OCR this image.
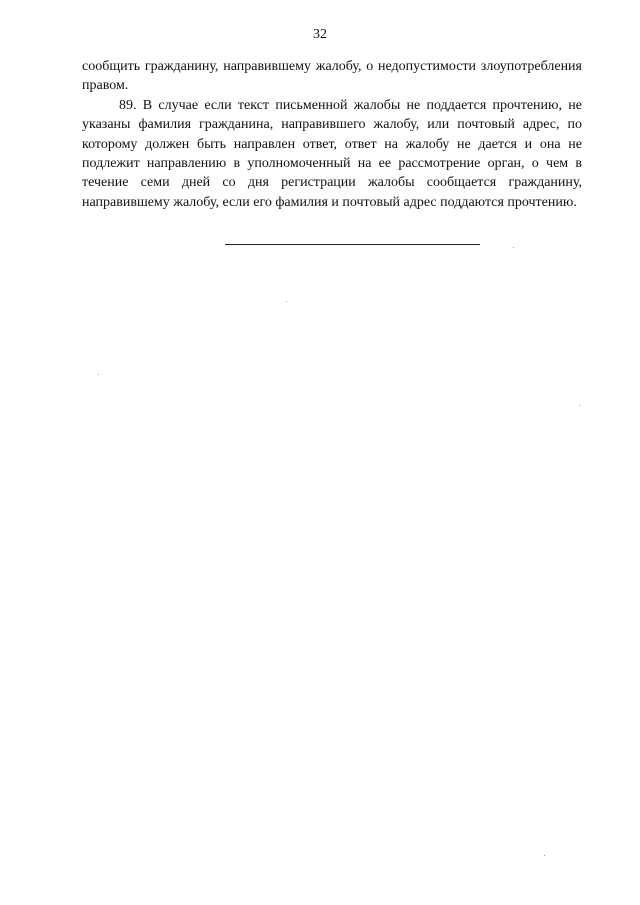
32

сообщить гражданину, направившему жалобу, о недопустимости злоупотребления правом.

89. В случае если текст письменной жалобы не поддается прочтению, не указаны фамилия гражданина, направившего жалобу, или почтовый адрес, по которому должен быть направлен ответ, ответ на жалобу не дается и она не подлежит направлению в уполномоченный на ее рассмотрение орган, о чем в течение семи дней со дня регистрации жалобы сообщается гражданину, направившему жалобу, если его фамилия и почтовый адрес поддаются прочтению.
